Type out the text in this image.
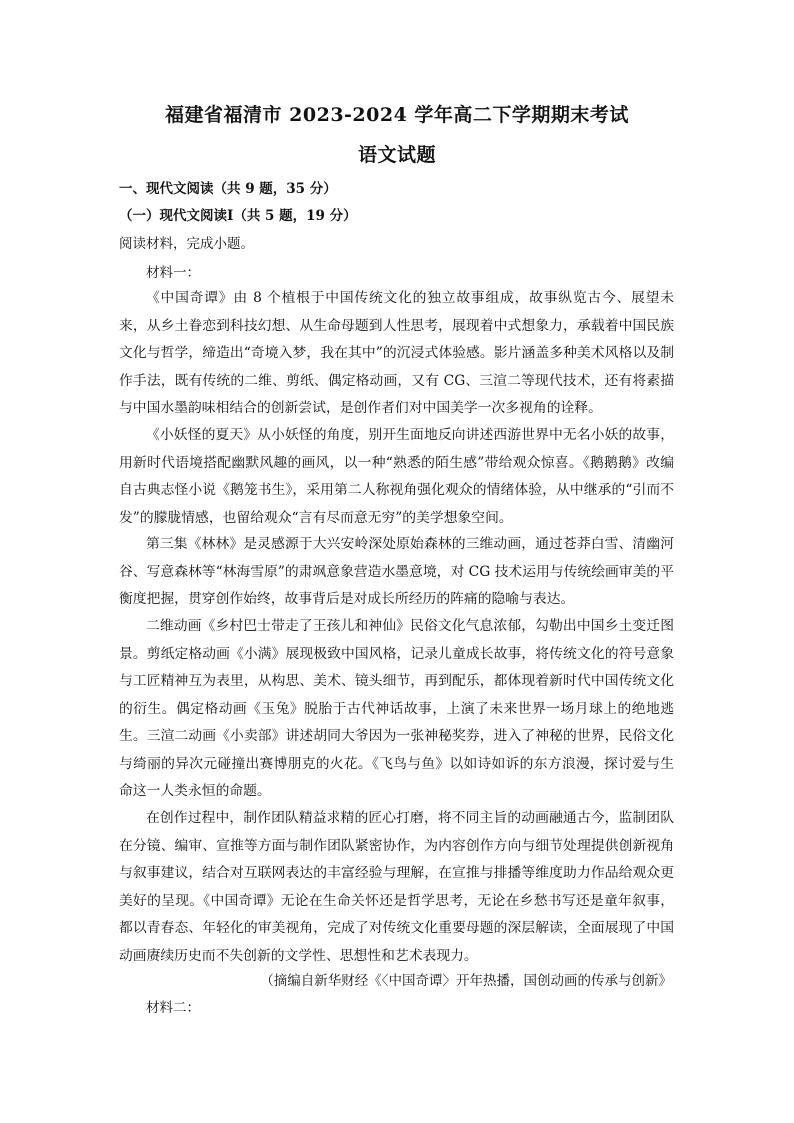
福建省福清市 2023-2024 学年高二下学期期末考试
语文试题
一、现代文阅读（共 9 题，35 分）
（一）现代文阅读Ⅰ（共 5 题，19 分）
阅读材料，完成小题。
材料一：

《中国奇谭》由 8 个植根于中国传统文化的独立故事组成，故事纵览古今、展望未来，从乡土眷恋到科技幻想、从生命母题到人性思考，展现着中式想象力，承载着中国民族文化与哲学，缔造出“奇境入梦，我在其中”的沉浸式体验感。影片涵盖多种美术风格以及制作手法，既有传统的二维、剪纸、偶定格动画，又有 CG、三渲二等现代技术，还有将素描与中国水墨韵味相结合的创新尝试，是创作者们对中国美学一次多视角的诠释。

《小妖怪的夏天》从小妖怪的角度，别开生面地反向讲述西游世界中无名小妖的故事，用新时代语境搭配幽默风趣的画风，以一种“熟悉的陌生感”带给观众惊喜。《鹅鹅鹅》改编自古典志怪小说《鹅笼书生》，采用第二人称视角强化观众的情绪体验，从中继承的“引而不发”的朦胧情感，也留给观众“言有尽而意无穷”的美学想象空间。

第三集《林林》是灵感源于大兴安岭深处原始森林的三维动画，通过苍莽白雪、清幽河谷、写意森林等“林海雪原”的肃飒意象营造水墨意境，对 CG 技术运用与传统绘画审美的平衡度把握，贯穿创作始终，故事背后是对成长所经历的阵痛的隐喻与表达。

二维动画《乡村巴士带走了王孩儿和神仙》民俗文化气息浓郁，勾勒出中国乡土变迁图景。剪纸定格动画《小满》展现极致中国风格，记录儿童成长故事，将传统文化的符号意象与工匠精神互为表里，从构思、美术、镜头细节，再到配乐，都体现着新时代中国传统文化的衍生。偶定格动画《玉兔》脱胎于古代神话故事，上演了未来世界一场月球上的绝地逃生。三渲二动画《小卖部》讲述胡同大爷因为一张神秘奖券，进入了神秘的世界，民俗文化与绮丽的异次元碰撞出赛博朋克的火花。《飞鸟与鱼》以如诗如诉的东方浪漫，探讨爱与生命这一人类永恒的命题。

在创作过程中，制作团队精益求精的匠心打磨，将不同主旨的动画融通古今，监制团队在分镜、编审、宣推等方面与制作团队紧密协作，为内容创作方向与细节处理提供创新视角与叙事建议，结合对互联网表达的丰富经验与理解，在宣推与排播等维度助力作品给观众更美好的呈现。《中国奇谭》无论在生命关怀还是哲学思考，无论在乡愁书写还是童年叙事，都以青春态、年轻化的审美视角，完成了对传统文化重要母题的深层解读，全面展现了中国动画赓续历史而不失创新的文学性、思想性和艺术表现力。

（摘编自新华财经《〈中国奇谭〉开年热播，国创动画的传承与创新》
材料二：
